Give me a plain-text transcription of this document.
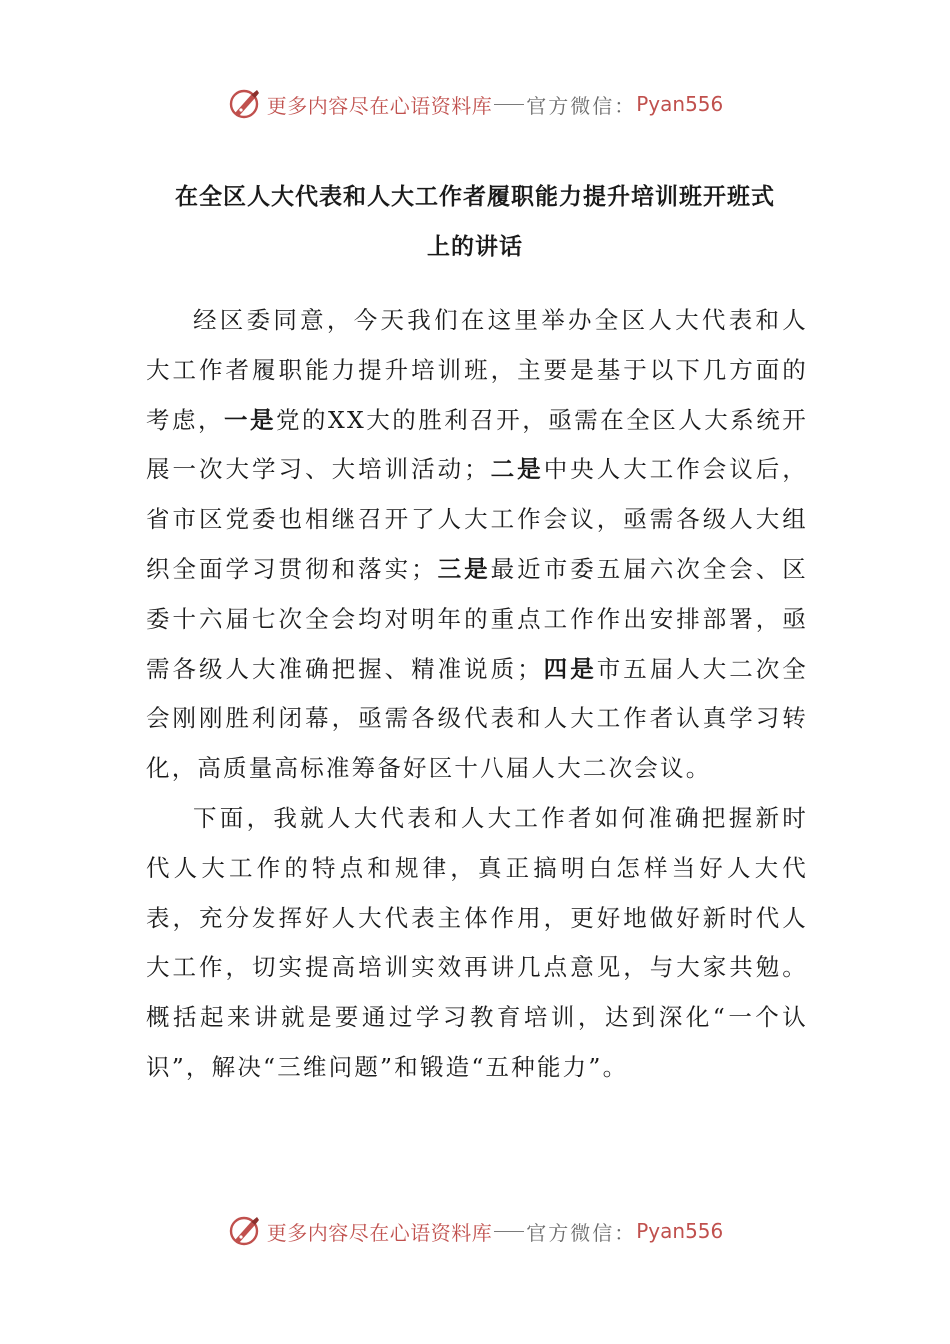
更多内容尽在心语资料库 官方微信： Pyan556
在全区人大代表和人大工作者履职能力提升培训班开班式
上的讲话

经区委同意，今天我们在这里举办全区人大代表和人大工作者履职能力提升培训班，主要是基于以下几方面的考虑，一是党的XX大的胜利召开，亟需在全区人大系统开展一次大学习、大培训活动；二是中央人大工作会议后，省市区党委也相继召开了人大工作会议，亟需各级人大组织全面学习贯彻和落实；三是最近市委五届六次全会、区委十六届七次全会均对明年的重点工作作出安排部署，亟需各级人大准确把握、精准说质；四是市五届人大二次全会刚刚胜利闭幕，亟需各级代表和人大工作者认真学习转化，高质量高标准筹备好区十八届人大二次会议。

下面，我就人大代表和人大工作者如何准确把握新时代人大工作的特点和规律，真正搞明白怎样当好人大代表，充分发挥好人大代表主体作用，更好地做好新时代人大工作，切实提高培训实效再讲几点意见，与大家共勉。概括起来讲就是要通过学习教育培训，达到深化“一个认识”，解决“三维问题”和锻造“五种能力”。

更多内容尽在心语资料库 官方微信： Pyan556
